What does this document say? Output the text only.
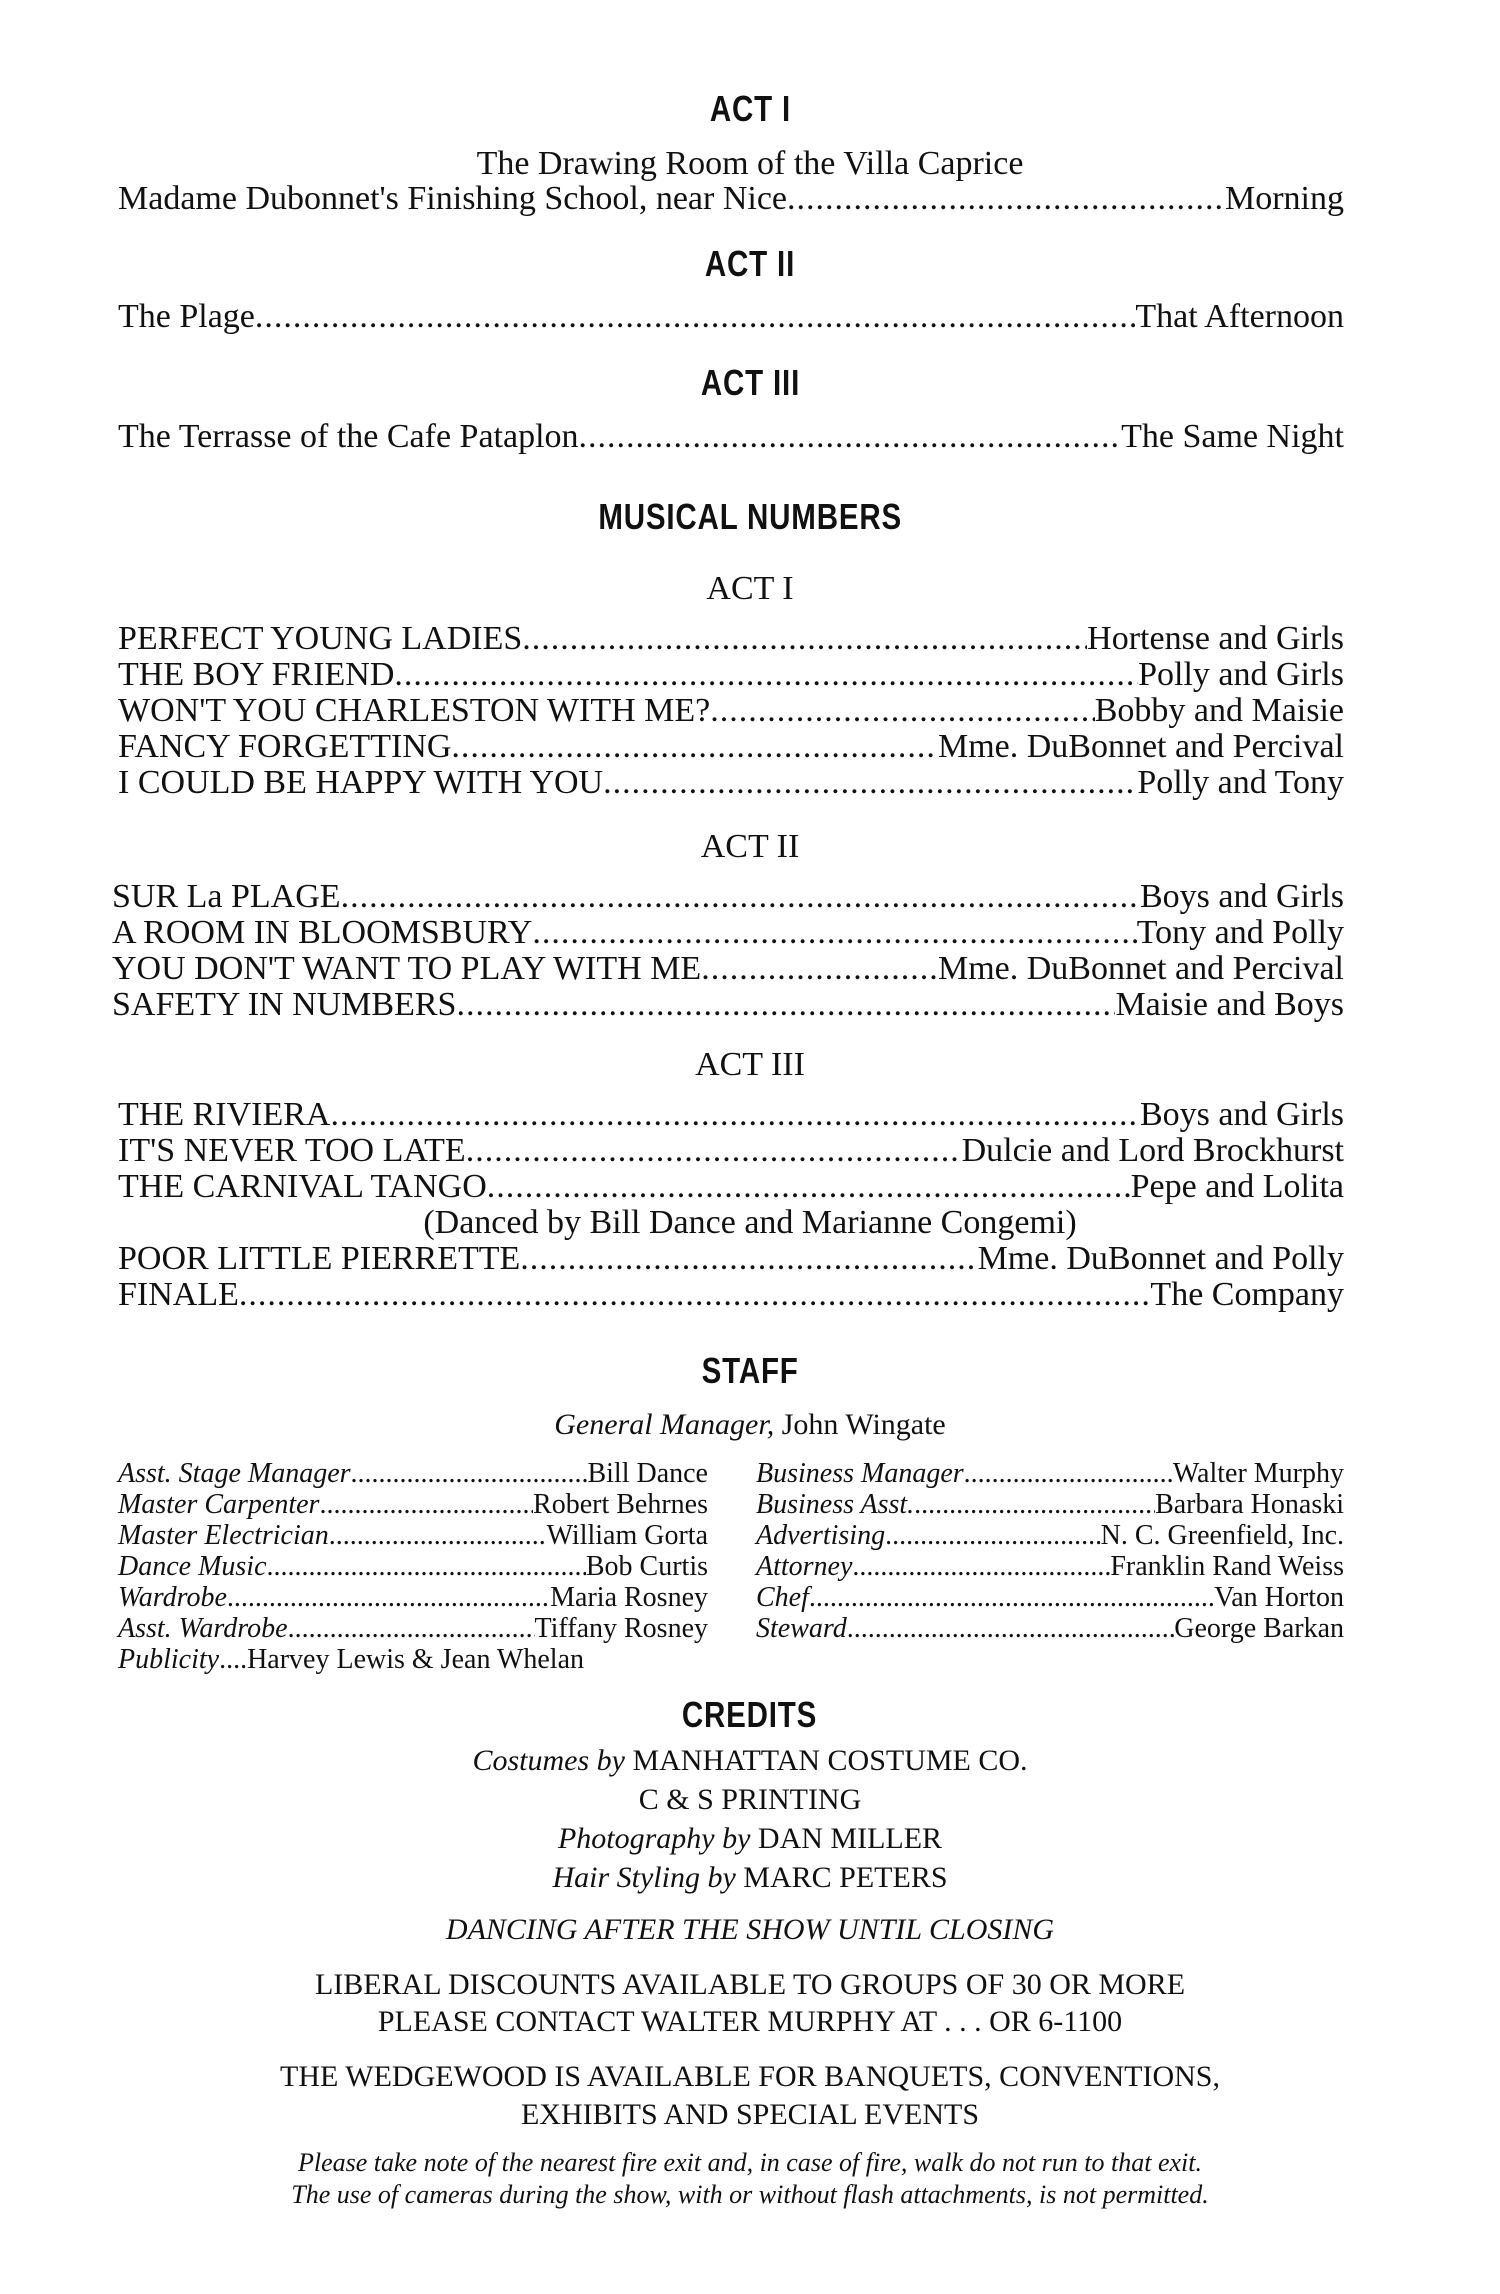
ACT I
The Drawing Room of the Villa Caprice
Madame Dubonnet's Finishing School, near Nice .....	Morning
ACT II
The Plage .....	That Afternoon
ACT III
The Terrasse of the Cafe Pataplon .....	The Same Night
MUSICAL NUMBERS
ACT I
PERFECT YOUNG LADIES .....	Hortense and Girls
THE BOY FRIEND .....	Polly and Girls
WON'T YOU CHARLESTON WITH ME? .....	Bobby and Maisie
FANCY FORGETTING .....	Mme. DuBonnet and Percival
I COULD BE HAPPY WITH YOU .....	Polly and Tony
ACT II
SUR La PLAGE .....	Boys and Girls
A ROOM IN BLOOMSBURY .....	Tony and Polly
YOU DON'T WANT TO PLAY WITH ME .....	Mme. DuBonnet and Percival
SAFETY IN NUMBERS .....	Maisie and Boys
ACT III
THE RIVIERA .....	Boys and Girls
IT'S NEVER TOO LATE .....	Dulcie and Lord Brockhurst
THE CARNIVAL TANGO .....	Pepe and Lolita
(Danced by Bill Dance and Marianne Congemi)
POOR LITTLE PIERRETTE .....	Mme. DuBonnet and Polly
FINALE .....	The Company
STAFF
General Manager, John Wingate
Asst. Stage Manager .....	Bill Dance
Master Carpenter .....	Robert Behrnes
Master Electrician .....	William Gorta
Dance Music .....	Bob Curtis
Wardrobe .....	Maria Rosney
Asst. Wardrobe .....	Tiffany Rosney
Publicity .... Harvey Lewis & Jean Whelan
Business Manager .....	Walter Murphy
Business Asst. .....	Barbara Honaski
Advertising .....	N. C. Greenfield, Inc.
Attorney .....	Franklin Rand Weiss
Chef .....	Van Horton
Steward .....	George Barkan
CREDITS
Costumes by MANHATTAN COSTUME CO.
C & S PRINTING
Photography by DAN MILLER
Hair Styling by MARC PETERS
DANCING AFTER THE SHOW UNTIL CLOSING
LIBERAL DISCOUNTS AVAILABLE TO GROUPS OF 30 OR MORE
PLEASE CONTACT WALTER MURPHY AT . . . OR 6-1100
THE WEDGEWOOD IS AVAILABLE FOR BANQUETS, CONVENTIONS,
EXHIBITS AND SPECIAL EVENTS
Please take note of the nearest fire exit and, in case of fire, walk do not run to that exit.
The use of cameras during the show, with or without flash attachments, is not permitted.
